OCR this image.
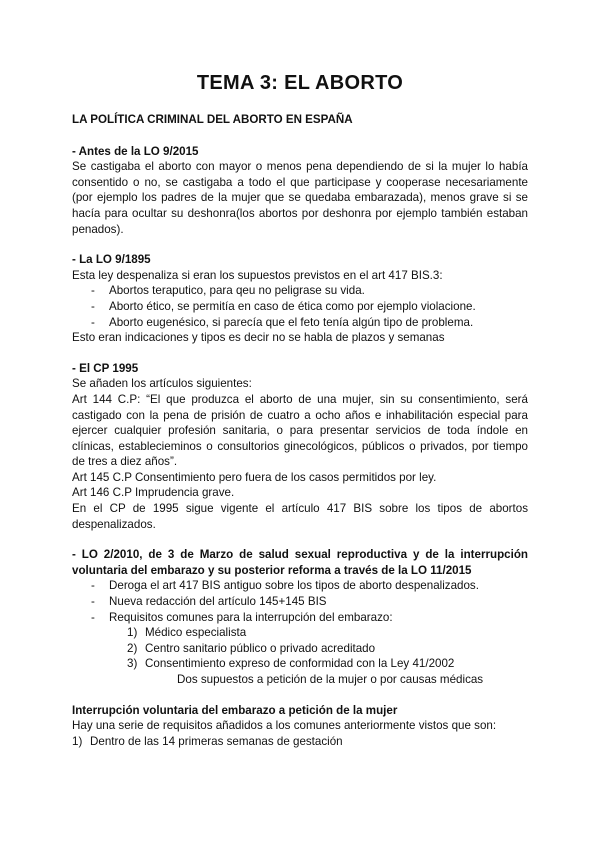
TEMA 3: EL ABORTO

LA POLÍTICA CRIMINAL DEL ABORTO EN ESPAÑA

- Antes de la LO 9/2015

Se castigaba el aborto con mayor o menos pena dependiendo de si la mujer lo había consentido o no, se castigaba a todo el que participase y cooperase necesariamente (por ejemplo los padres de la mujer que se quedaba embarazada), menos grave si se hacía para ocultar su deshonra(los abortos por deshonra por ejemplo también estaban penados).

- La LO 9/1895

Esta ley despenaliza si eran los supuestos previstos en el art 417 BIS.3:

- Abortos teraputico, para qeu no peligrase su vida.
- Aborto ético, se permitía en caso de ética como por ejemplo violacione.
- Aborto eugenésico, si parecía que el feto tenía algún tipo de problema.

Esto eran indicaciones y tipos es decir no se habla de plazos y semanas

- El CP 1995

Se añaden los artículos siguientes:

Art 144 C.P: “El que produzca el aborto de una mujer, sin su consentimiento, será castigado con la pena de prisión de cuatro a ocho años e inhabilitación especial para ejercer cualquier profesión sanitaria, o para presentar servicios de toda índole en clínicas, establecieminos o consultorios ginecológicos, públicos o privados, por tiempo de tres a diez años”.

Art 145 C.P Consentimiento pero fuera de los casos permitidos por ley.

Art 146 C.P Imprudencia grave.

En el CP de 1995 sigue vigente el artículo 417 BIS sobre los tipos de abortos despenalizados.

- LO 2/2010, de 3 de Marzo de salud sexual reproductiva y de la interrupción voluntaria del embarazo y su posterior reforma a través de la LO 11/2015

- Deroga el art 417 BIS antiguo sobre los tipos de aborto despenalizados.
- Nueva redacción del artículo 145+145 BIS
- Requisitos comunes para la interrupción del embarazo:
1) Médico especialista
2) Centro sanitario público o privado acreditado
3) Consentimiento expreso de conformidad con la Ley 41/2002

Dos supuestos a petición de la mujer o por causas médicas

Interrupción voluntaria del embarazo a petición de la mujer

Hay una serie de requisitos añadidos a los comunes anteriormente vistos que son:

1) Dentro de las 14 primeras semanas de gestación
